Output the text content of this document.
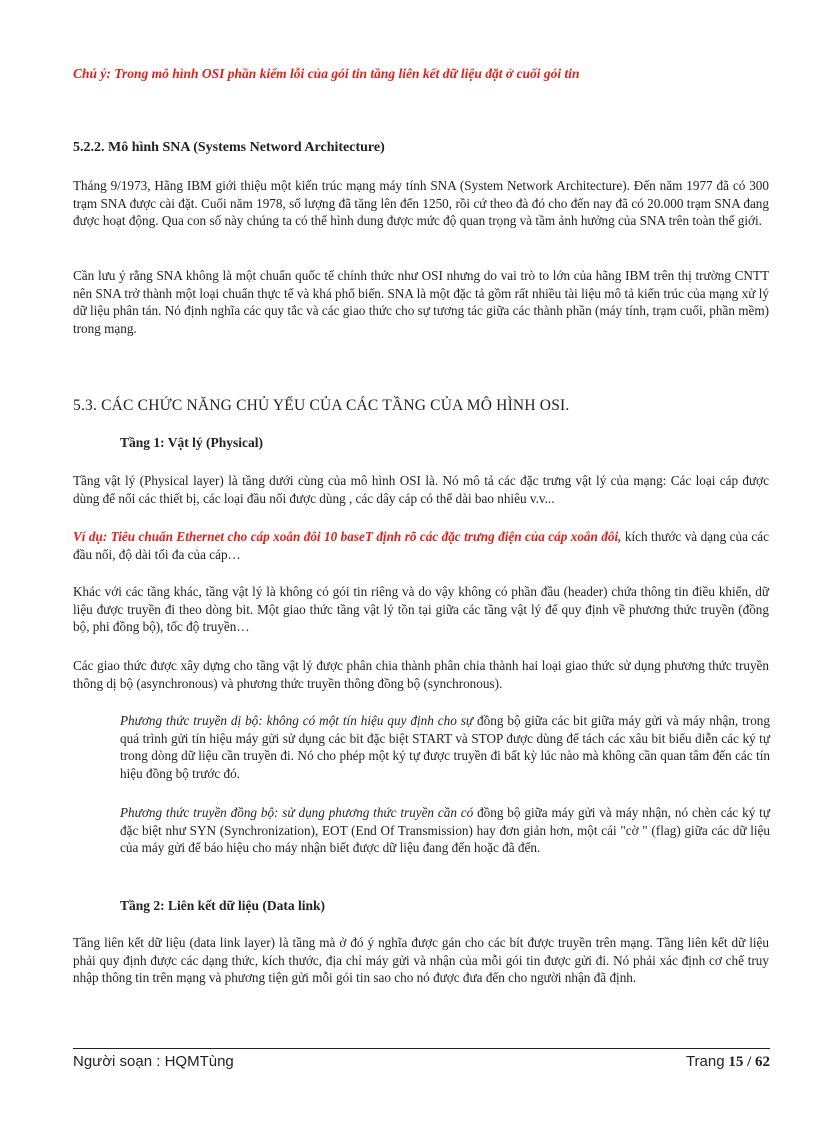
Chú ý: Trong mô hình OSI phần kiểm lỗi của gói tin tầng liên kết dữ liệu đặt ở cuối gói tin
5.2.2. Mô hình SNA (Systems Netword Architecture)

Tháng 9/1973, Hãng IBM giới thiệu một kiến trúc mạng máy tính SNA (System Network Architecture). Đến năm 1977 đã có 300 trạm SNA được cài đặt. Cuối năm 1978, số lượng đã tăng lên đến 1250, rồi cứ theo đà đó cho đến nay đã có 20.000 trạm SNA đang được hoạt động. Qua con số này chúng ta có thể hình dung được mức độ quan trọng và tầm ảnh hưởng của SNA trên toàn thế giới.

Cần lưu ý rằng SNA không là một chuẩn quốc tế chính thức như OSI nhưng do vai trò to lớn của hãng IBM trên thị trường CNTT nên SNA trở thành một loại chuẩn thực tế và khá phổ biến. SNA là một đặc tả gồm rất nhiều tài liệu mô tả kiến trúc của mạng xử lý dữ liệu phân tán. Nó định nghĩa các quy tắc và các giao thức cho sự tương tác giữa các thành phần (máy tính, trạm cuối, phần mềm) trong mạng.

5.3. CÁC CHỨC NĂNG CHỦ YẾU CỦA CÁC TẦNG CỦA MÔ HÌNH OSI.
Tầng 1: Vật lý (Physical)

Tầng vật lý (Physical layer) là tầng dưới cùng của mô hình OSI là. Nó mô tả các đặc trưng vật lý của mạng: Các loại cáp được dùng để nối các thiết bị, các loại đầu nối được dùng , các dây cáp có thể dài bao nhiêu v.v...

Ví dụ: Tiêu chuẩn Ethernet cho cáp xoắn đôi 10 baseT định rõ các đặc trưng điện của cáp xoắn đôi, kích thước và dạng của các đầu nối, độ dài tối đa của cáp…

Khác với các tầng khác, tầng vật lý là không có gói tin riêng và do vậy không có phần đầu (header) chứa thông tin điều khiển, dữ liệu được truyền đi theo dòng bit. Một giao thức tầng vật lý tồn tại giữa các tầng vật lý để quy định về phương thức truyền (đồng bộ, phi đồng bộ), tốc độ truyền…

Các giao thức được xây dựng cho tầng vật lý được phân chia thành phân chia thành hai loại giao thức sử dụng phương thức truyền thông dị bộ (asynchronous) và phương thức truyền thông đồng bộ (synchronous).

Phương thức truyền dị bộ: không có một tín hiệu quy định cho sự đồng bộ giữa các bit giữa máy gửi và máy nhận, trong quá trình gửi tín hiệu máy gửi sử dụng các bit đặc biệt START và STOP được dùng để tách các xâu bit biểu diễn các ký tự trong dòng dữ liệu cần truyền đi. Nó cho phép một ký tự được truyền đi bất kỳ lúc nào mà không cần quan tâm đến các tín hiệu đồng bộ trước đó.

Phương thức truyền đồng bộ: sử dụng phương thức truyền cần có đồng bộ giữa máy gửi và máy nhận, nó chèn các ký tự đặc biệt như SYN (Synchronization), EOT (End Of Transmission) hay đơn giản hơn, một cái "cờ " (flag) giữa các dữ liệu của máy gửi để báo hiệu cho máy nhận biết được dữ liệu đang đến hoặc đã đến.

Tầng 2: Liên kết dữ liệu (Data link)

Tầng liên kết dữ liệu (data link layer) là tầng mà ở đó ý nghĩa được gán cho các bít được truyền trên mạng. Tầng liên kết dữ liệu phải quy định được các dạng thức, kích thước, địa chỉ máy gửi và nhận của mỗi gói tin được gửi đi. Nó phải xác định cơ chế truy nhập thông tin trên mạng và phương tiện gửi mỗi gói tin sao cho nó được đưa đến cho người nhận đã định.

Người soạn : HQMTùng	Trang 15 / 62
